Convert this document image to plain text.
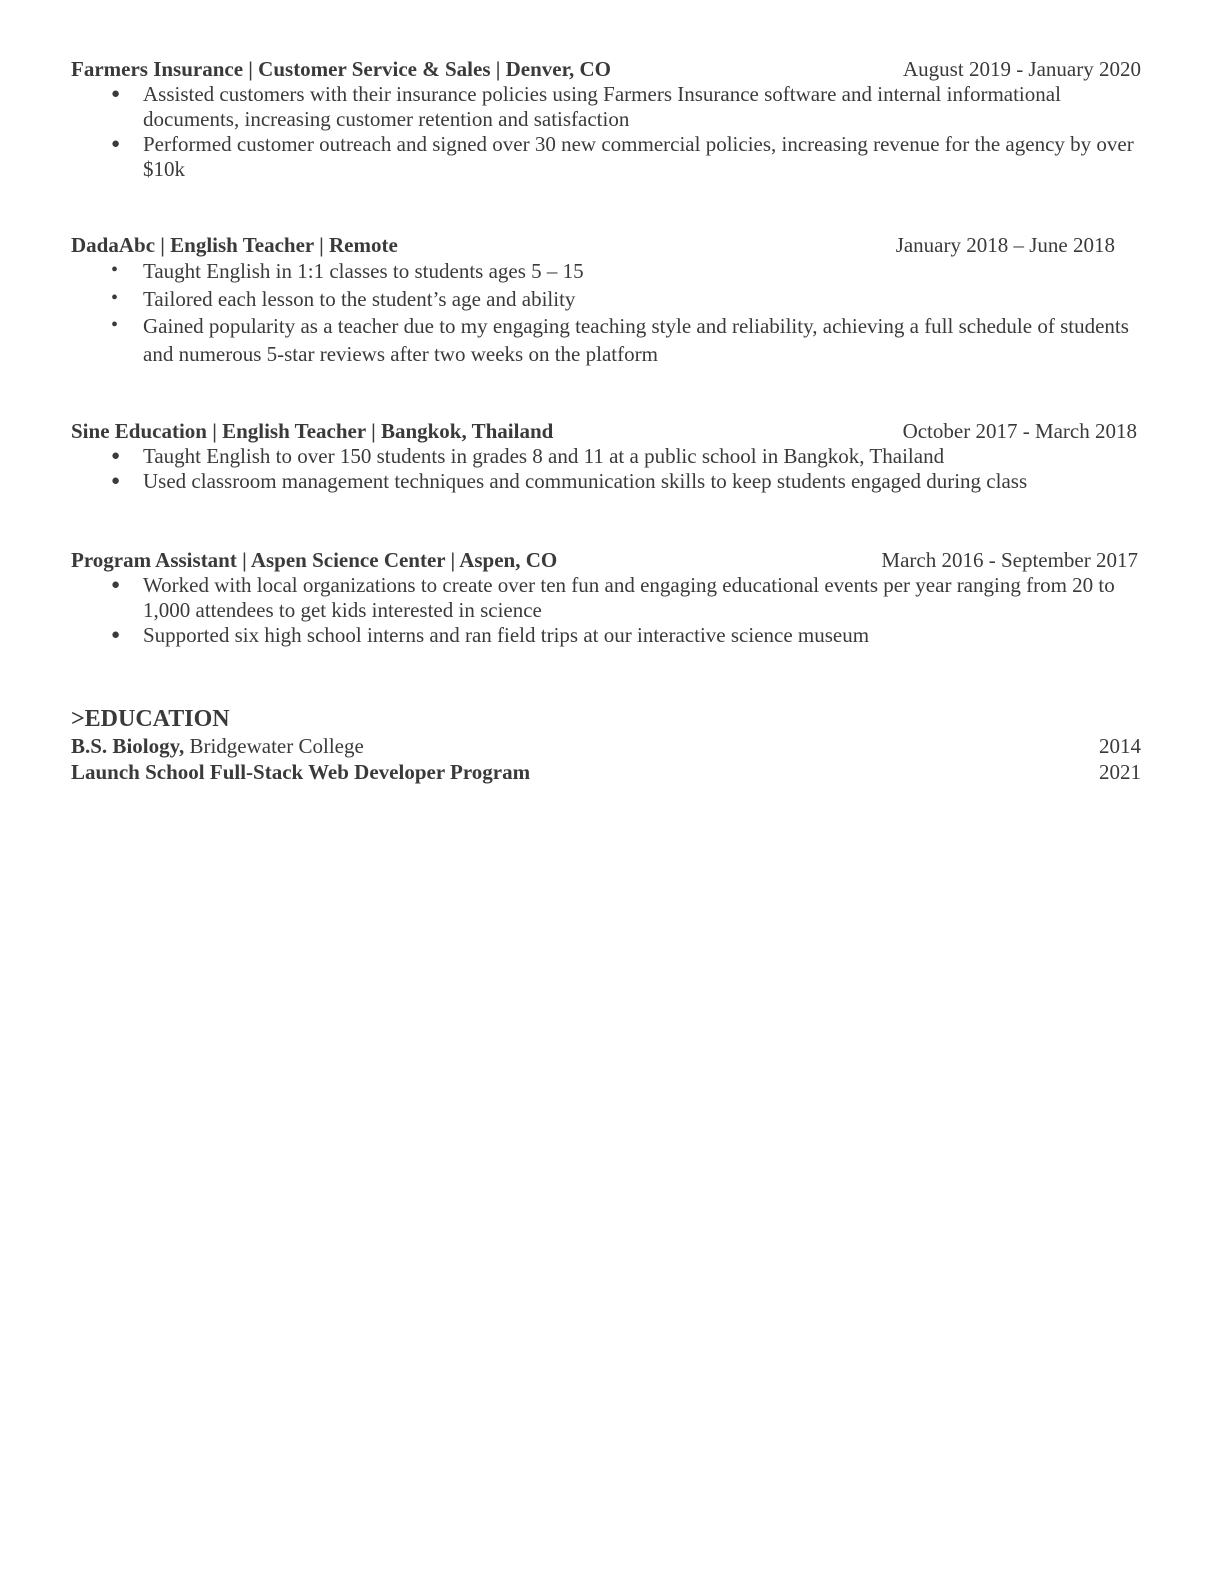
Farmers Insurance | Customer Service & Sales | Denver, CO	August 2019 - January 2020
● Assisted customers with their insurance policies using Farmers Insurance software and internal informational documents, increasing customer retention and satisfaction
● Performed customer outreach and signed over 30 new commercial policies, increasing revenue for the agency by over $10k
DadaAbc | English Teacher | Remote	January 2018 – June 2018
• Taught English in 1:1 classes to students ages 5 – 15
• Tailored each lesson to the student’s age and ability
• Gained popularity as a teacher due to my engaging teaching style and reliability, achieving a full schedule of students and numerous 5-star reviews after two weeks on the platform
Sine Education | English Teacher | Bangkok, Thailand	October 2017 - March 2018
● Taught English to over 150 students in grades 8 and 11 at a public school in Bangkok, Thailand
● Used classroom management techniques and communication skills to keep students engaged during class
Program Assistant | Aspen Science Center | Aspen, CO	March 2016 - September 2017
● Worked with local organizations to create over ten fun and engaging educational events per year ranging from 20 to 1,000 attendees to get kids interested in science
● Supported six high school interns and ran field trips at our interactive science museum
>EDUCATION
B.S. Biology, Bridgewater College	2014
Launch School Full-Stack Web Developer Program	2021
